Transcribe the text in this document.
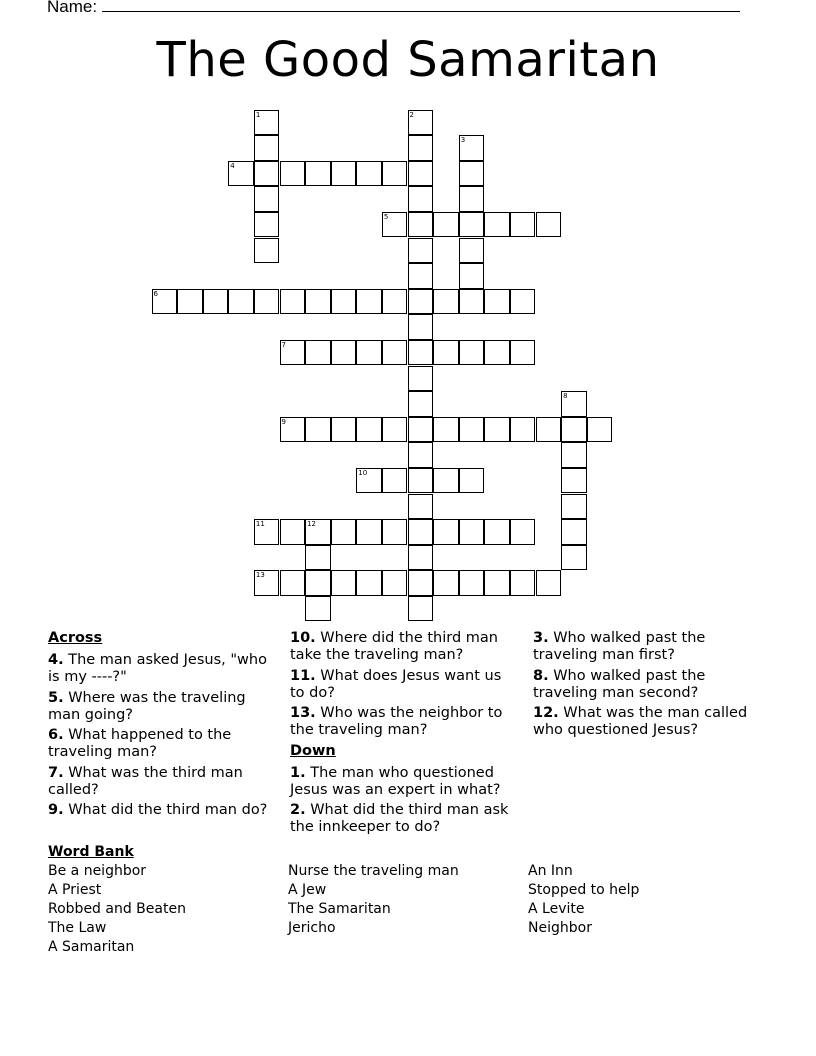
Name:
The Good Samaritan
1	2
3
4
5
6
7
8
9
10
11	12
13
Across
4. The man asked Jesus, "who is my ----?"
5. Where was the traveling man going?
6. What happened to the traveling man?
7. What was the third man called?
9. What did the third man do?
10. Where did the third man take the traveling man?
11. What does Jesus want us to do?
13. Who was the neighbor to the traveling man?
Down
1. The man who questioned Jesus was an expert in what?
2. What did the third man ask the innkeeper to do?
3. Who walked past the traveling man first?
8. Who walked past the traveling man second?
12. What was the man called who questioned Jesus?
Word Bank
Be a neighbor
A Priest
Robbed and Beaten
The Law
A Samaritan
Nurse the traveling man
A Jew
The Samaritan
Jericho
An Inn
Stopped to help
A Levite
Neighbor
